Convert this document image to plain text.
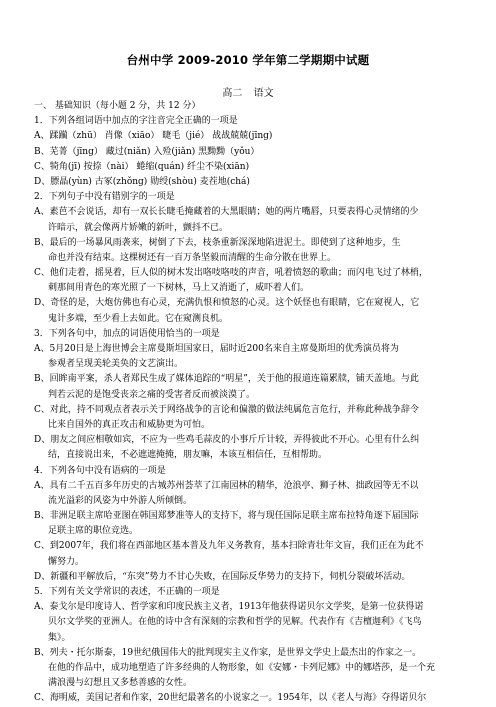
台州中学 2009-2010 学年第二学期期中试题
高二 语文
一、 基础知识（每小题 2 分，共 12 分）
1．下列各组词语中加点的字注音完全正确的一项是
A、蹂躏（zhū） 肖像（xiāo） 睫毛（jié） 战战兢兢(jīng)
B、芜菁（jīng） 藏过(niǎn) 入殓(jiǎn) 黑黝黝（yǒu）
C、犄角(jī) 按捺（nài） 蜷缩(quán) 纤尘不染(xiān)
D、膘晶(yùn) 古冢(zhǒng) 勋绶(shòu) 麦茬地(chá)
2．下列句子中没有错别字的一项是
A、素芭不会说话，却有一双长长睫毛掩藏着的大黑眼睛；她的两片嘴唇，只要表得心灵情绪的少
许暗示，就会像两片娇嫩的新叶，颤抖不已。
B、最后的一场暴风雨袭来，树倒了下去，枝条重新深深地陷进泥土。即使到了这种地步，生
命也并没有结束。这棵树还有一百万条坚毅而清醒的生命分散在世界上。
C、他们走着，摇晃着，巨人似的树木发出咯吱咯吱的声音，吼着愤怒的歌曲；而闪电飞过了林梢，
刺那间用青色的寒光照了一下树林，马上又消逝了，威吓着人们。
D、奇怪的是，大炮仿佛也有心灵，充满仇恨和愤怒的心灵。这个妖怪也有眼睛，它在窥视人，它
鬼计多端，至少看上去如此。它在窥测良机。
3．下列各句中，加点的词语使用恰当的一项是
A、5月20日是上海世博会主席曼斯坦国家日，届时近200名来自主席曼斯坦的优秀演员将为
参观者呈现美轮美奂的文艺演出。
B、回眸南平案，杀人者郑民生成了媒体追踪的“明星”，关于他的报道连篇累牍，铺天盖地。与此
判若云泥的是饱受丧亲之痛的受害者反而被淡漠了。
C、对此，持不同观点者表示关于网络战争的言论和偏激的做法纯属危言危行，并称此种战争辞令
比来自国外的真正攻击和威胁更为可怕。
D、朋友之间应相敬如宾，不应为一些鸡毛蒜皮的小事斤斤计较，弄得彼此不开心。心里有什么纠
结，直接说出来，不必遮遮掩掩，朋友嘛，本该互相信任，互相帮助。
4．下列各句中没有语病的一项是
A、具有二千五百多年历史的古城苏州荟萃了江南园林的精华，沧浪亭、狮子林、拙政园等无不以
流光溢彩的风姿为中外游人所倾倒。
B、非洲足联主席哈亚图在韩国郑梦准等人的支持下，将与现任国际足联主席布拉特角逐下届国际
足联主席的职位竞选。
C、到2007年，我们将在西部地区基本普及九年义务教育，基本扫除青壮年文盲，我们正在为此不
懈努力。
D、新疆和平解放后，“东突”势力不甘心失败，在国际反华势力的支持下，伺机分裂破坏活动。
5．下列有关文学常识的表述，不正确的一项是
A、泰戈尔是印度诗人、哲学家和印度民族主义者，1913年他获得诺贝尔文学奖，是第一位获得诺
贝尔文学奖的亚洲人。在他的诗中含有深刻的宗教和哲学的见解。代表作有《吉檀迦利》《飞鸟
集》。
B、列夫・托尔斯泰，19世纪俄国伟大的批判现实主义作家，是世界文学史上最杰出的作家之一。
在他的作品中，成功地塑造了许多经典的人物形象，如《安娜・卡列尼娜》中的娜塔莎，是一个充
满浪漫与幻想且又多愁善感的女性。
C、海明威，美国记者和作家，20世纪最著名的小说家之一。1954年，以《老人与海》夺得诺贝尔
